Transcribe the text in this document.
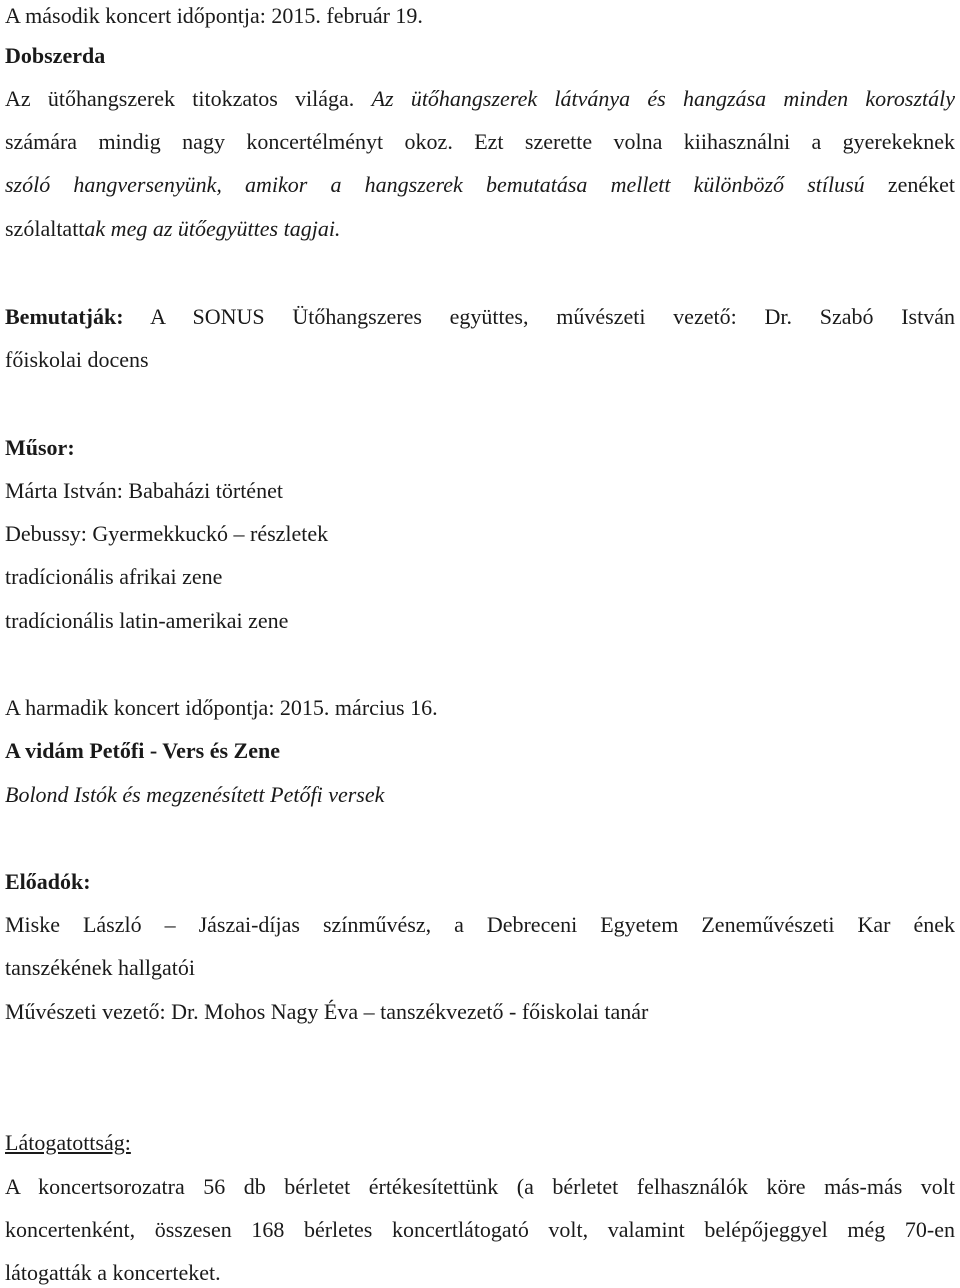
A második koncert időpontja: 2015. február 19.
Dobszerda
Az ütőhangszerek titokzatos világa. Az ütőhangszerek látványa és hangzása minden korosztály
számára mindig nagy koncertélményt okoz. Ezt szerette volna kiihasználni a gyerekeknek
szóló hangversenyünk, amikor a hangszerek bemutatása mellett különböző stílusú zenéket
szólaltattak meg az ütőegyüttes tagjai.
Bemutatják: A SONUS Ütőhangszeres együttes, művészeti vezető: Dr. Szabó István
főiskolai docens
Műsor:
Márta István: Babaházi történet
Debussy: Gyermekkuckó – részletek
tradícionális afrikai zene
tradícionális latin-amerikai zene
A harmadik koncert időpontja: 2015. március 16.
A vidám Petőfi - Vers és Zene
Bolond Istók és megzenésített Petőfi versek
Előadók:
Miske László – Jászai-díjas színművész, a Debreceni Egyetem Zeneművészeti Kar ének
tanszékének hallgatói
Művészeti vezető: Dr. Mohos Nagy Éva – tanszékvezető - főiskolai tanár
Látogatottság:
A koncertsorozatra 56 db bérletet értékesítettünk (a bérletet felhasználók köre más-más volt
koncertenként, összesen 168 bérletes koncertlátogató volt, valamint belépőjeggyel még 70-en
látogatták a koncerteket.
